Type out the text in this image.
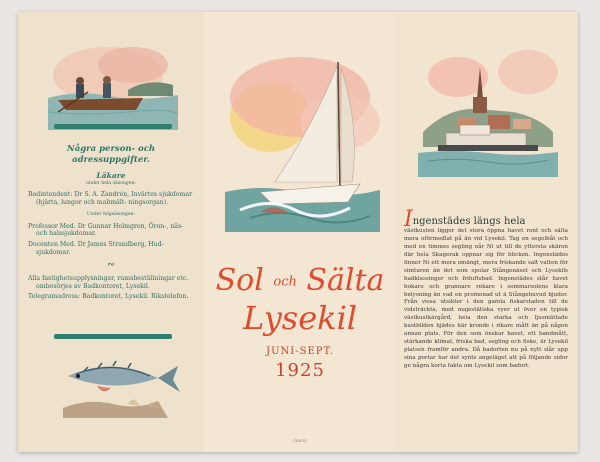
Några person- och adressuppgifter.
Läkare
under hela säsongen:
Badintendent: Dr S. A. Zandrén, Invärtes sjukdomar (hjärta, lungor och mabmält- ningsorgan).
Under högsäsongen:
Professor Med. Dr Gunnar Holmgren, Öron-, näs- och halssjukdomar.
Docenten Med. Dr James Strandberg, Hud- sjukdomar.
∾
Alla fastighetsupplysningar, rumsbeställningar etc. ombesörjes av Badkontoret, Lysekil.
Telegramadress: Badkontoret, Lysekil. Rikstelefon. Sol och Sälta
Lysekil
JUNI-SEPT.
1925
(1925)
Ingenstädes längs hela
västkusten ligger det stora öppna havet rent och sälta mera oförmedlat på än vid Lysekil. Tag en segelbåt och med en timmes segling når Ni ut till de yttersta skären där hela Skagerak oppnar sig för blicken. Ingenstädes finner Ni ett mera omängt, mera friskande salt vatten för simturen än det som spolar Stångenäset och Lysekils badklassinger och friluftsbad. Ingenstädes står havet bokare och grannare rekare i sommarsolens klara belysning än vad en promenad ut ä Stångehuvud bjuder. Från vissa utsikter i den gamla fiskarstaden till de vidsträckta, med majestätiska vyer ut över en typisk västkustkärgård, hela den starka och ljusmättade kustbilden hjädes här kronde i rikare mått än på någon annan plats. För den som önskar havet, ett bandmått, stärkande klimat, friska bad, segling och fiske, är Lysekil platsen framför andra. Då badorten nu på nytt slår upp sina portar har det synts angeläget att på följande sidor ge några korta fakta om Lysekil som badort.
